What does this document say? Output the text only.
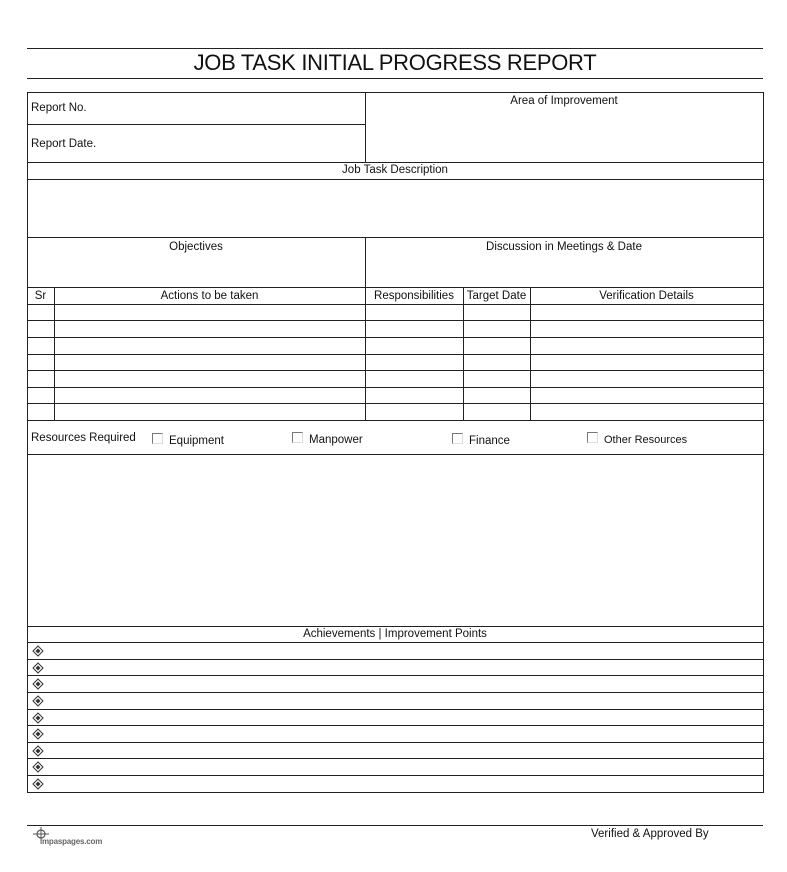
JOB TASK INITIAL PROGRESS REPORT
Report No.
Report Date.
Area of Improvement
Job Task Description
Objectives	Discussion in Meetings & Date
Sr	Actions to be taken	Responsibilities	Target Date	Verification Details
Resources Required	Equipment	Manpower	Finance	Other Resources
Achievements | Improvement Points
impaspages.com
Verified & Approved By
